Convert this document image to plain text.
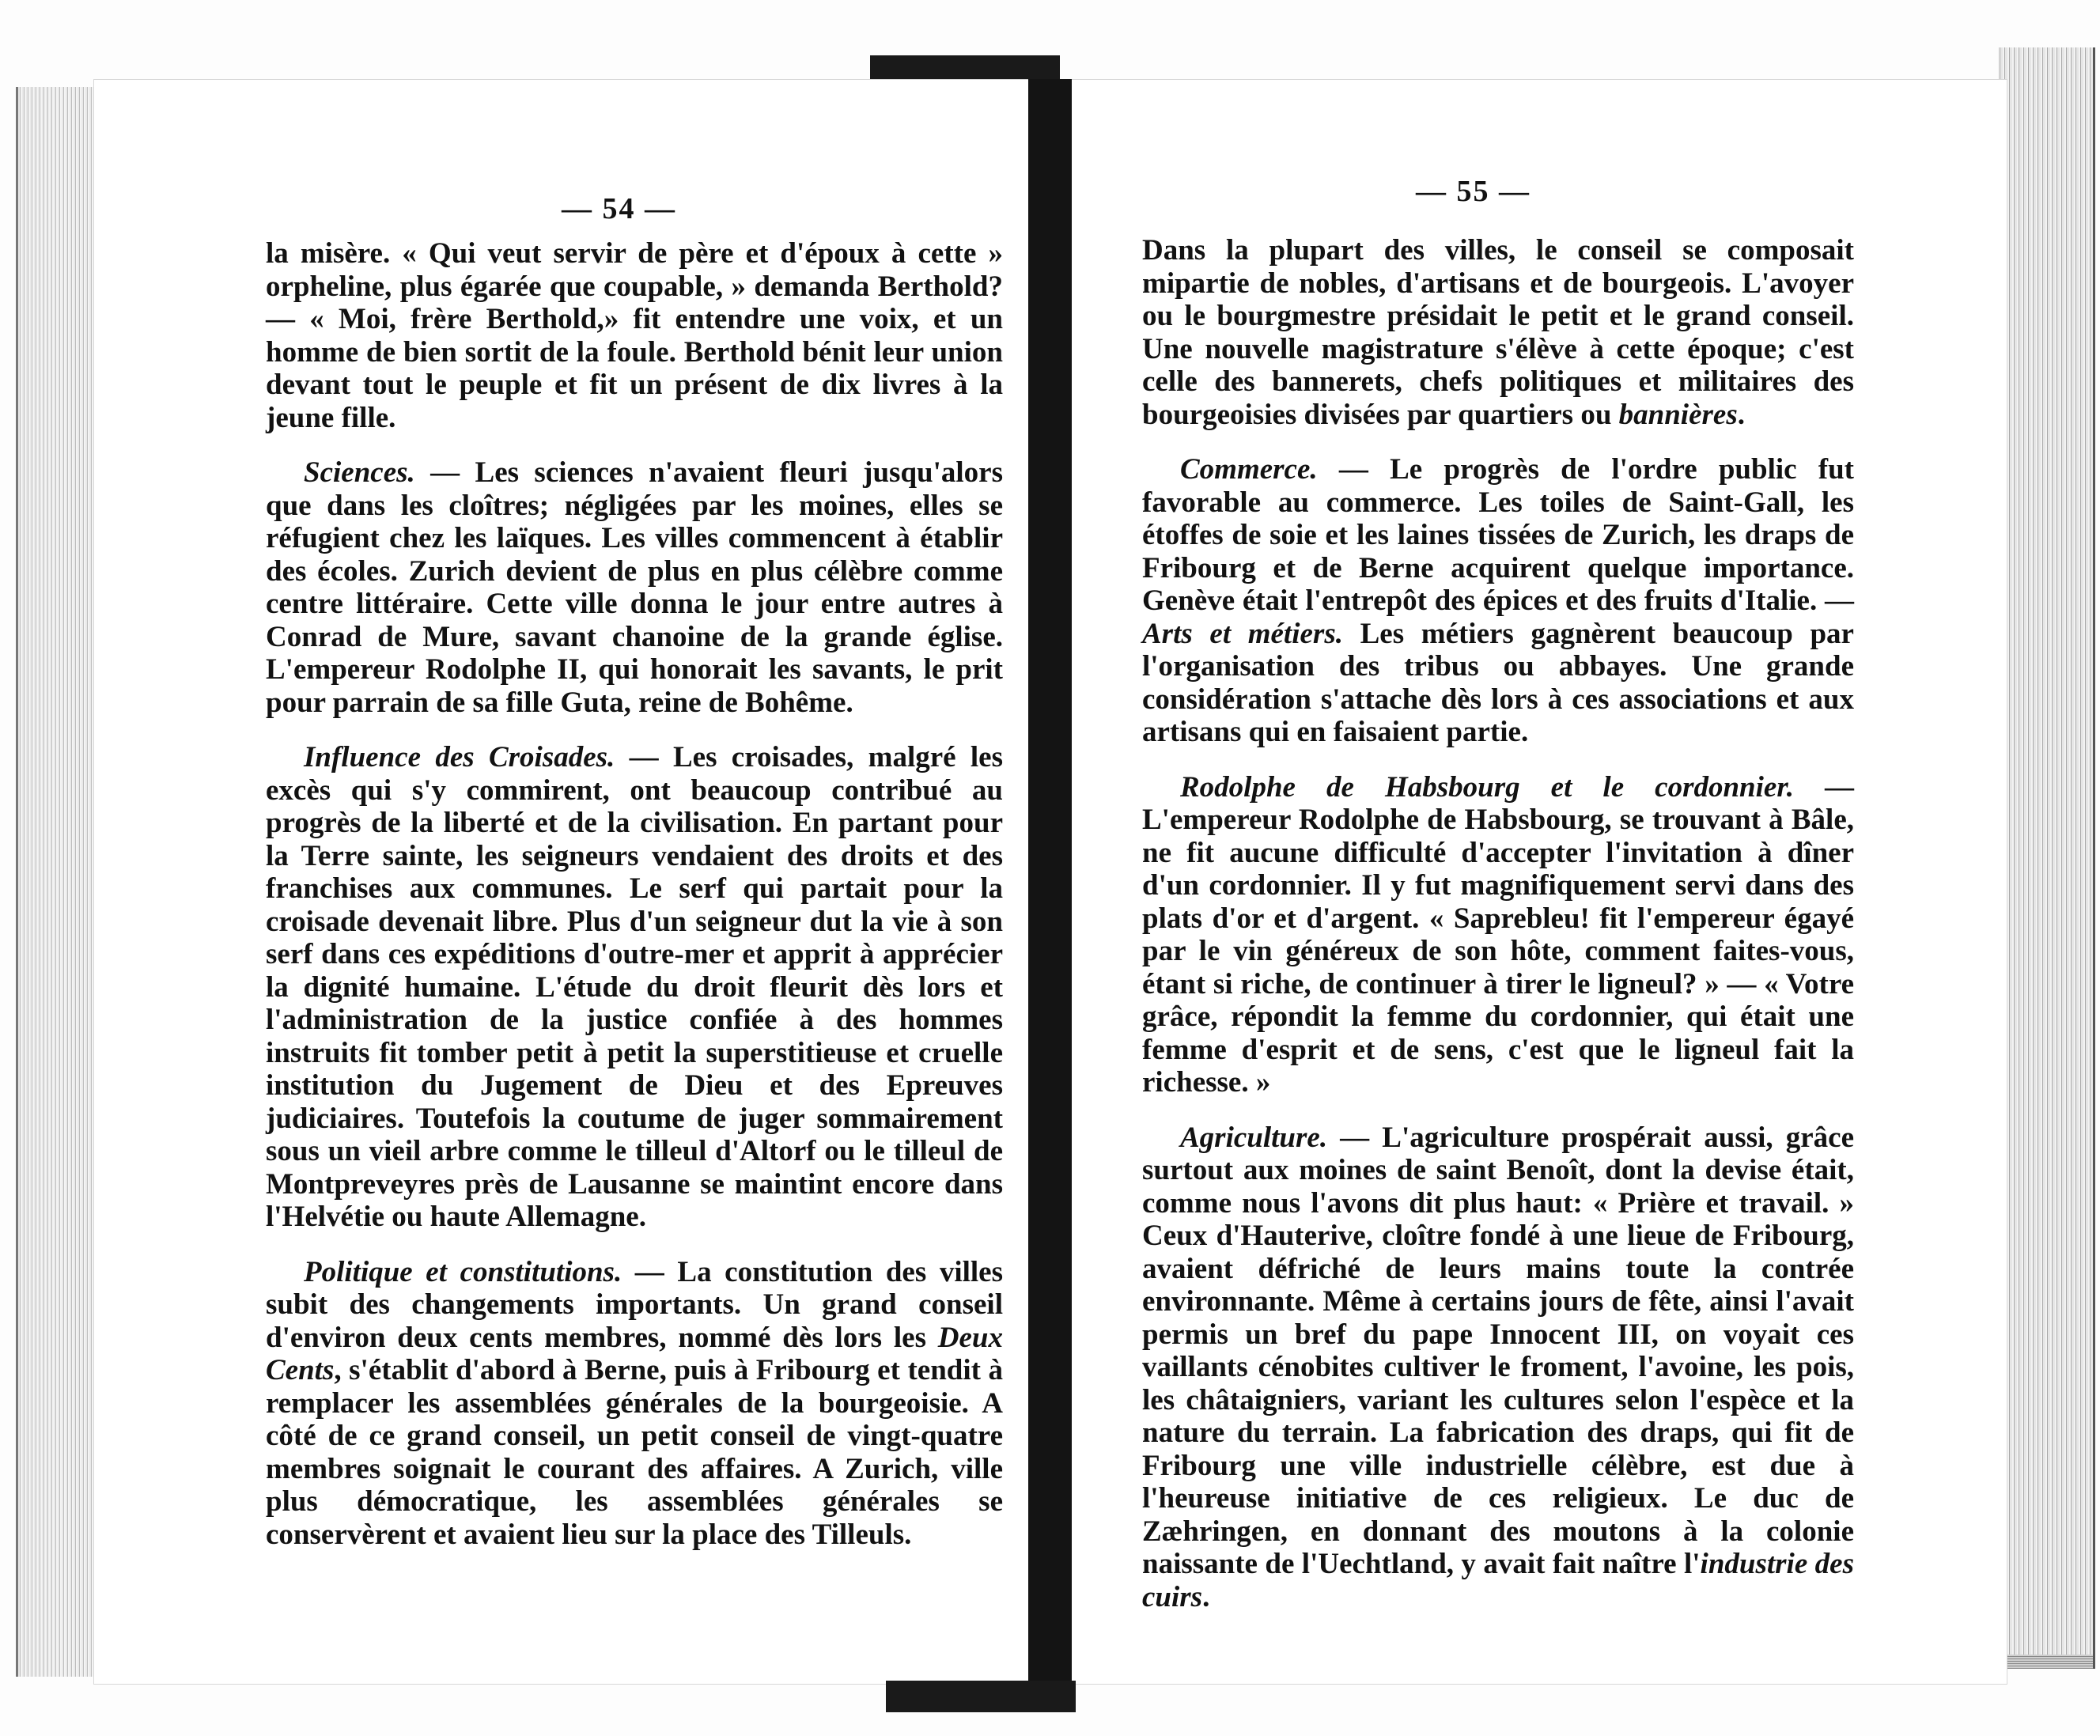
— 54 —
— 55 —

la misère. « Qui veut servir de père et d'époux à cette » orpheline, plus égarée que coupable, » demanda Berthold? — « Moi, frère Berthold,» fit entendre une voix, et un homme de bien sortit de la foule. Berthold bénit leur union devant tout le peuple et fit un présent de dix livres à la jeune fille.

Sciences. — Les sciences n'avaient fleuri jusqu'alors que dans les cloîtres; négligées par les moines, elles se réfugient chez les laïques. Les villes commencent à établir des écoles. Zurich devient de plus en plus célèbre comme centre littéraire. Cette ville donna le jour entre autres à Conrad de Mure, savant chanoine de la grande église. L'empereur Rodolphe II, qui honorait les savants, le prit pour parrain de sa fille Guta, reine de Bohême.

Influence des Croisades. — Les croisades, malgré les excès qui s'y commirent, ont beaucoup contribué au progrès de la liberté et de la civilisation. En partant pour la Terre sainte, les seigneurs vendaient des droits et des franchises aux communes. Le serf qui partait pour la croisade devenait libre. Plus d'un seigneur dut la vie à son serf dans ces expéditions d'outre-mer et apprit à apprécier la dignité humaine. L'étude du droit fleurit dès lors et l'administration de la justice confiée à des hommes instruits fit tomber petit à petit la superstitieuse et cruelle institution du Jugement de Dieu et des Epreuves judiciaires. Toutefois la coutume de juger sommairement sous un vieil arbre comme le tilleul d'Altorf ou le tilleul de Montpreveyres près de Lausanne se maintint encore dans l'Helvétie ou haute Allemagne.

Politique et constitutions. — La constitution des villes subit des changements importants. Un grand conseil d'environ deux cents membres, nommé dès lors les Deux Cents, s'établit d'abord à Berne, puis à Fribourg et tendit à remplacer les assemblées générales de la bourgeoisie. A côté de ce grand conseil, un petit conseil de vingt-quatre membres soignait le courant des affaires. A Zurich, ville plus démocratique, les assemblées générales se conservèrent et avaient lieu sur la place des Tilleuls.

Dans la plupart des villes, le conseil se composait mipartie de nobles, d'artisans et de bourgeois. L'avoyer ou le bourgmestre présidait le petit et le grand conseil. Une nouvelle magistrature s'élève à cette époque; c'est celle des bannerets, chefs politiques et militaires des bourgeoisies divisées par quartiers ou bannières.

Commerce. — Le progrès de l'ordre public fut favorable au commerce. Les toiles de Saint-Gall, les étoffes de soie et les laines tissées de Zurich, les draps de Fribourg et de Berne acquirent quelque importance. Genève était l'entrepôt des épices et des fruits d'Italie. — Arts et métiers. Les métiers gagnèrent beaucoup par l'organisation des tribus ou abbayes. Une grande considération s'attache dès lors à ces associations et aux artisans qui en faisaient partie.

Rodolphe de Habsbourg et le cordonnier. — L'empereur Rodolphe de Habsbourg, se trouvant à Bâle, ne fit aucune difficulté d'accepter l'invitation à dîner d'un cordonnier. Il y fut magnifiquement servi dans des plats d'or et d'argent. « Saprebleu! fit l'empereur égayé par le vin généreux de son hôte, comment faites-vous, étant si riche, de continuer à tirer le ligneul? » — « Votre grâce, répondit la femme du cordonnier, qui était une femme d'esprit et de sens, c'est que le ligneul fait la richesse. »

Agriculture. — L'agriculture prospérait aussi, grâce surtout aux moines de saint Benoît, dont la devise était, comme nous l'avons dit plus haut: « Prière et travail. » Ceux d'Hauterive, cloître fondé à une lieue de Fribourg, avaient défriché de leurs mains toute la contrée environnante. Même à certains jours de fête, ainsi l'avait permis un bref du pape Innocent III, on voyait ces vaillants cénobites cultiver le froment, l'avoine, les pois, les châtaigniers, variant les cultures selon l'espèce et la nature du terrain. La fabrication des draps, qui fit de Fribourg une ville industrielle célèbre, est due à l'heureuse initiative de ces religieux. Le duc de Zæhringen, en donnant des moutons à la colonie naissante de l'Uechtland, y avait fait naître l'industrie des cuirs.
